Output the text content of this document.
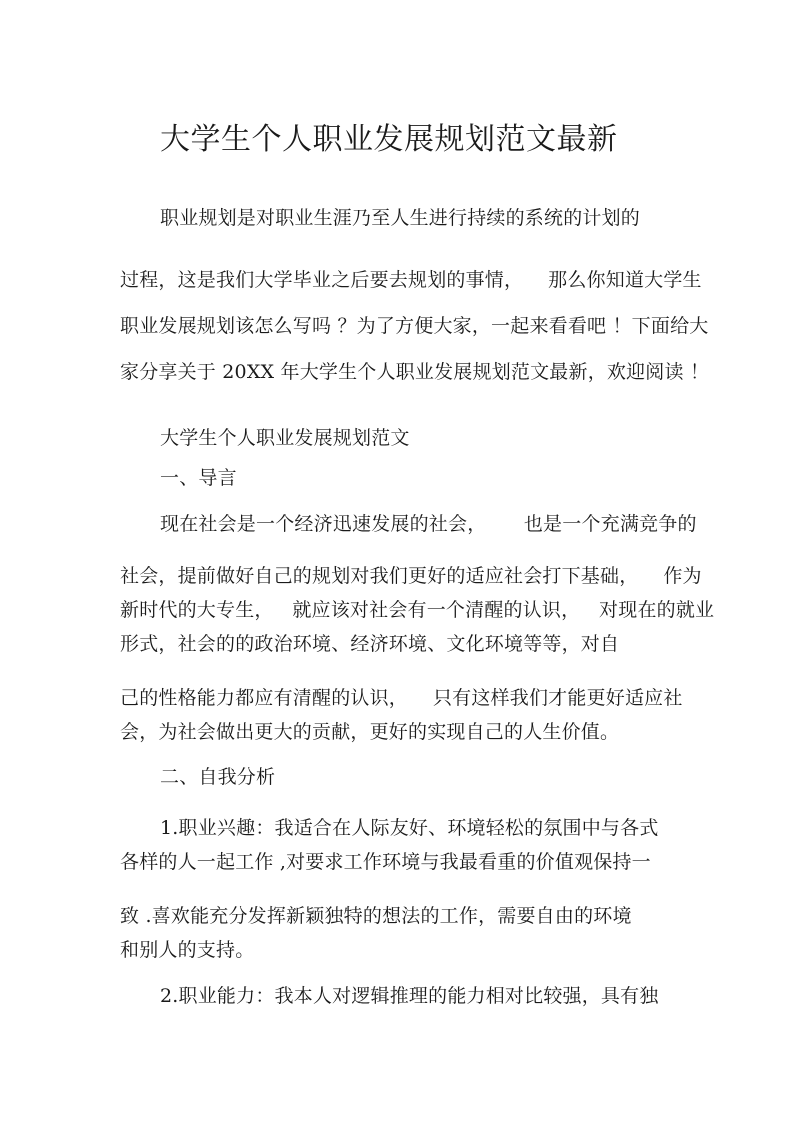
大学生个人职业发展规划范文最新
职业规划是对职业生涯乃至人生进行持续的系统的计划的
过程，这是我们大学毕业之后要去规划的事情，    那么你知道大学生
职业发展规划该怎么写吗 ？为了方便大家，一起来看看吧 ！下面给大
家分享关于 20XX 年大学生个人职业发展规划范文最新，欢迎阅读 ！
大学生个人职业发展规划范文
一、导言
现在社会是一个经济迅速发展的社会，      也是一个充满竞争的
社会，提前做好自己的规划对我们更好的适应社会打下基础，    作为
新时代的大专生，   就应该对社会有一个清醒的认识，   对现在的就业
形式，社会的的政治环境、经济环境、文化环境等等，对自
己的性格能力都应有清醒的认识，    只有这样我们才能更好适应社
会，为社会做出更大的贡献，更好的实现自己的人生价值。
二、自我分析
1.职业兴趣：我适合在人际友好、环境轻松的氛围中与各式
各样的人一起工作 ,对要求工作环境与我最看重的价值观保持一
致 .喜欢能充分发挥新颖独特的想法的工作，需要自由的环境
和别人的支持。
2.职业能力：我本人对逻辑推理的能力相对比较强，具有独
